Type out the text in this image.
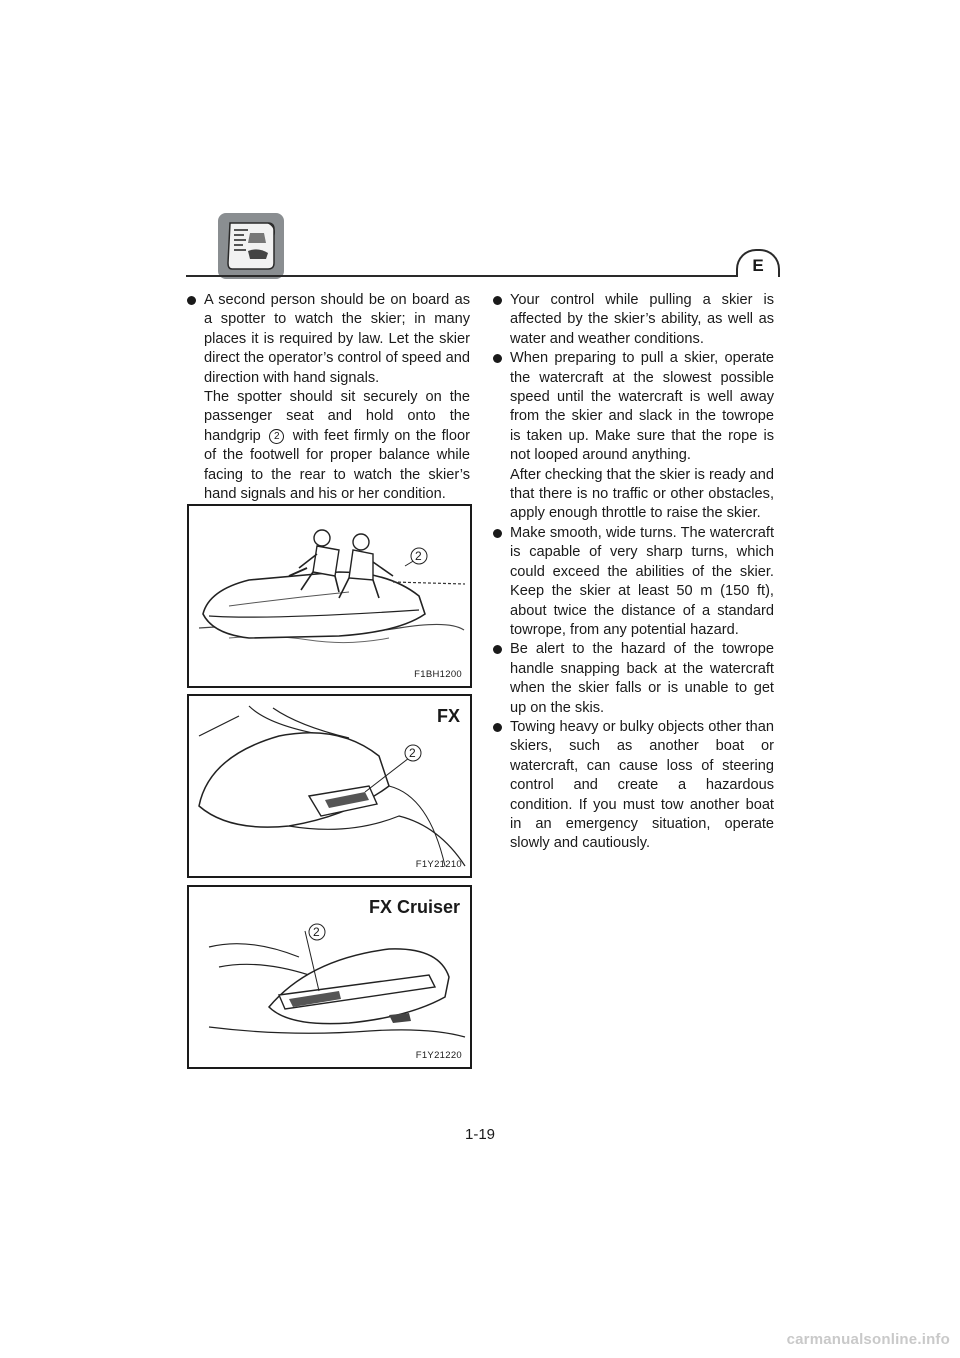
E

A second person should be on board as a spotter to watch the skier; in many places it is required by law. Let the skier direct the operator’s control of speed and direction with hand signals.

The spotter should sit securely on the passenger seat and hold onto the handgrip 2 with feet firmly on the floor of the footwell for proper balance while facing to the rear to watch the skier’s hand signals and his or her condition.

2
F1BH1200
FX
2
F1Y21210
FX Cruiser
2
F1Y21220

Your control while pulling a skier is affected by the skier’s ability, as well as water and weather conditions.

When preparing to pull a skier, operate the watercraft at the slowest possible speed until the watercraft is well away from the skier and slack in the towrope is taken up. Make sure that the rope is not looped around anything.

After checking that the skier is ready and that there is no traffic or other obstacles, apply enough throttle to raise the skier.

Make smooth, wide turns. The watercraft is capable of very sharp turns, which could exceed the abilities of the skier. Keep the skier at least 50 m (150 ft), about twice the distance of a standard towrope, from any potential hazard.

Be alert to the hazard of the towrope handle snapping back at the watercraft when the skier falls or is unable to get up on the skis.

Towing heavy or bulky objects other than skiers, such as another boat or watercraft, can cause loss of steering control and create a hazardous condition. If you must tow another boat in an emergency situation, operate slowly and cautiously.

1-19
carmanualsonline.info
